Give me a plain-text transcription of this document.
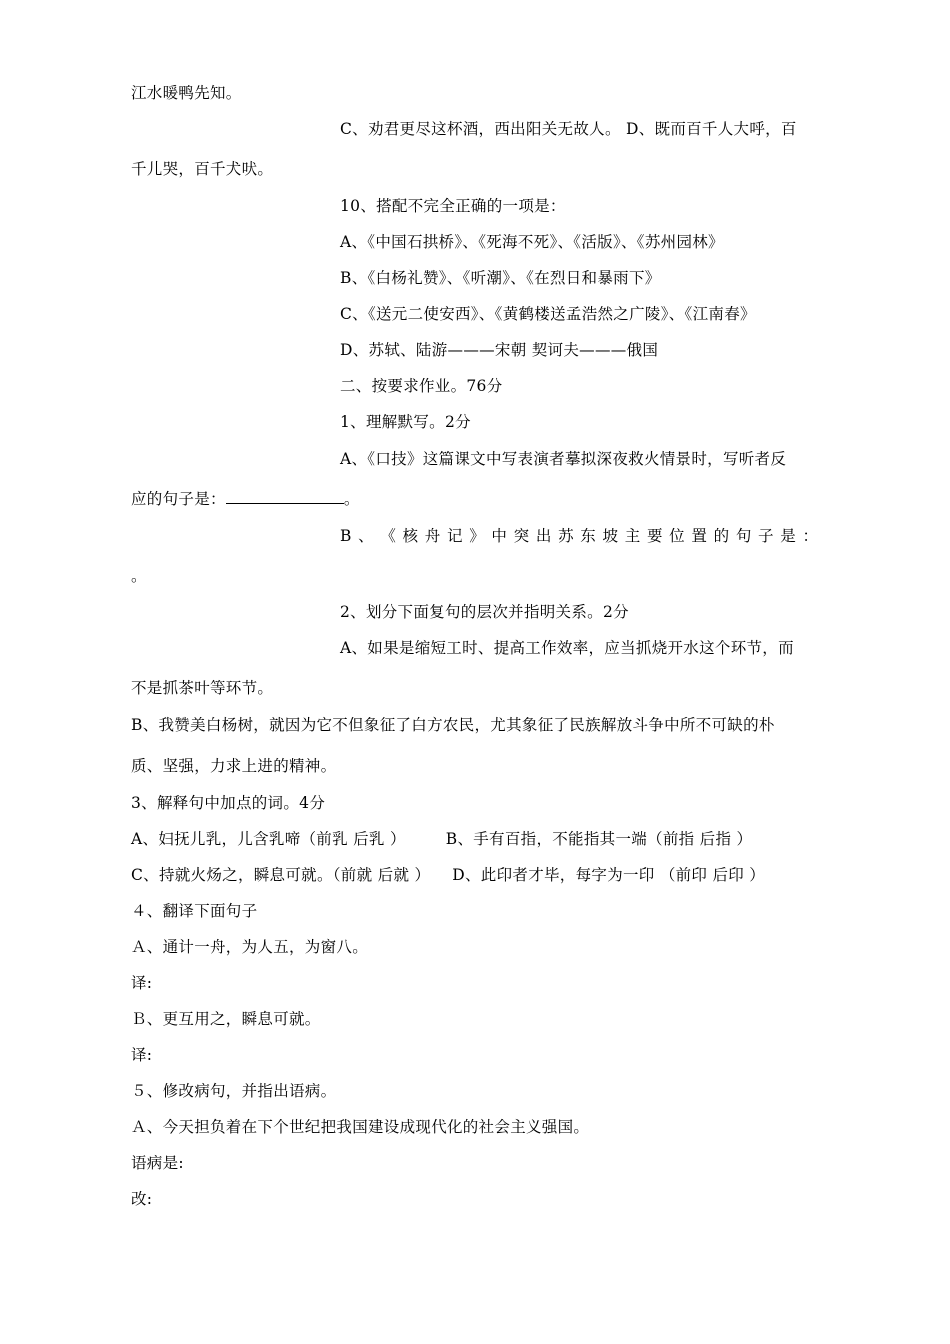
江水暖鸭先知。

C、劝君更尽这杯酒，西出阳关无故人。 D、既而百千人大呼，百

千儿哭，百千犬吠。

10、搭配不完全正确的一项是：

A、《中国石拱桥》、《死海不死》、《活版》、《苏州园林》

B、《白杨礼赞》、《听潮》、《在烈日和暴雨下》

C、《送元二使安西》、《黄鹤楼送孟浩然之广陵》、《江南春》

D、苏轼、陆游———宋朝 契诃夫———俄国

二、按要求作业。76分

1、理解默写。2分

A、《口技》这篇课文中写表演者摹拟深夜救火情景时，写听者反

应的句子是：	。

B 、 《 核 舟 记 》 中 突 出 苏 东 坡 主 要 位 置 的 句 子 是 ：

。

2、划分下面复句的层次并指明关系。2分

A、如果是缩短工时、提高工作效率，应当抓烧开水这个环节，而

不是抓茶叶等环节。

B、我赞美白杨树，就因为它不但象征了白方农民，尤其象征了民族解放斗争中所不可缺的朴

质、坚强，力求上进的精神。

3、解释句中加点的词。4分

A、妇抚儿乳，儿含乳啼（前乳 后乳 ）	B、手有百指，不能指其一端（前指 后指 ）

C、持就火炀之，瞬息可就。（前就 后就 ） D、此印者才毕，每字为一印 （前印 后印 ）

４、翻译下面句子

Ａ、通计一舟，为人五，为窗八。

译:

Ｂ、更互用之，瞬息可就。

译:

５、修改病句，并指出语病。

Ａ、今天担负着在下个世纪把我国建设成现代化的社会主义强国。

语病是:

改:
